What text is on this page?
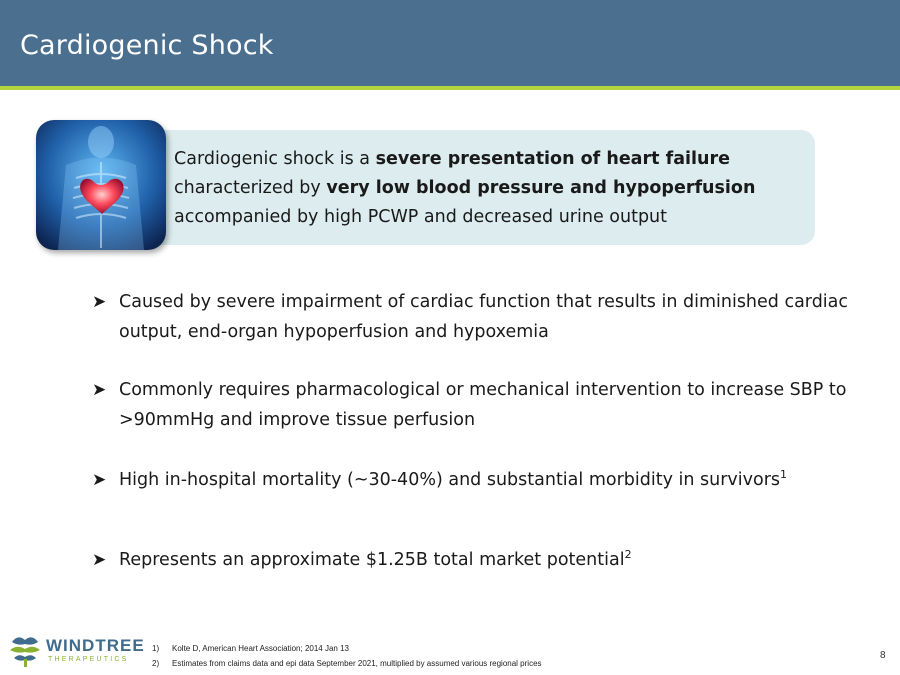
Cardiogenic Shock
Cardiogenic shock is a severe presentation of heart failure characterized by very low blood pressure and hypoperfusion accompanied by high PCWP and decreased urine output
➤ Caused by severe impairment of cardiac function that results in diminished cardiac output, end-organ hypoperfusion and hypoxemia
➤ Commonly requires pharmacological or mechanical intervention to increase SBP to >90mmHg and improve tissue perfusion
➤ High in-hospital mortality (~30-40%) and substantial morbidity in survivors$^1$
➤ Represents an approximate $1.25B total market potential$^2$
WINDTREE
THERAPEUTICS
1) Kolte D, American Heart Association; 2014 Jan 13
2) Estimates from claims data and epi data September 2021, multiplied by assumed various regional prices
8
